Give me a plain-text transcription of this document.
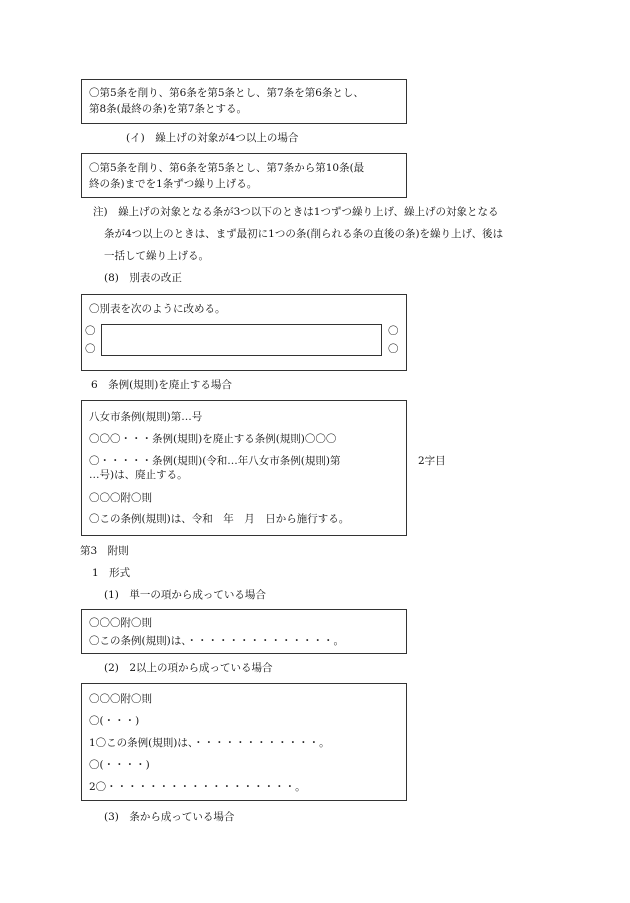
〇第5条を削り、第6条を第5条とし、第7条を第6条とし、
第8条(最終の条)を第7条とする。
(イ)　繰上げの対象が4つ以上の場合
〇第5条を削り、第6条を第5条とし、第7条から第10条(最
終の条)までを1条ずつ繰り上げる。
注)　繰上げの対象となる条が3つ以下のときは1つずつ繰り上げ、繰上げの対象となる
条が4つ以上のときは、まず最初に1つの条(削られる条の直後の条)を繰り上げ、後は
一括して繰り上げる。
(8)　別表の改正
〇別表を次のように改める。
〇
〇
〇
〇
6　条例(規則)を廃止する場合
八女市条例(規則)第…号
〇〇〇・・・条例(規則)を廃止する条例(規則)〇〇〇
〇・・・・・条例(規則)(令和…年八女市条例(規則)第
…号)は、廃止する。
〇〇〇附〇則
〇この条例(規則)は、令和　年　月　日から施行する。
2字目
第3　附則
1　形式
(1)　単一の項から成っている場合
〇〇〇附〇則
〇この条例(規則)は、・・・・・・・・・・・・・・。
(2)　2以上の項から成っている場合
〇〇〇附〇則
〇(・・・)
1〇この条例(規則)は、・・・・・・・・・・・・。
〇(・・・・)
2〇・・・・・・・・・・・・・・・・・・。
(3)　条から成っている場合
